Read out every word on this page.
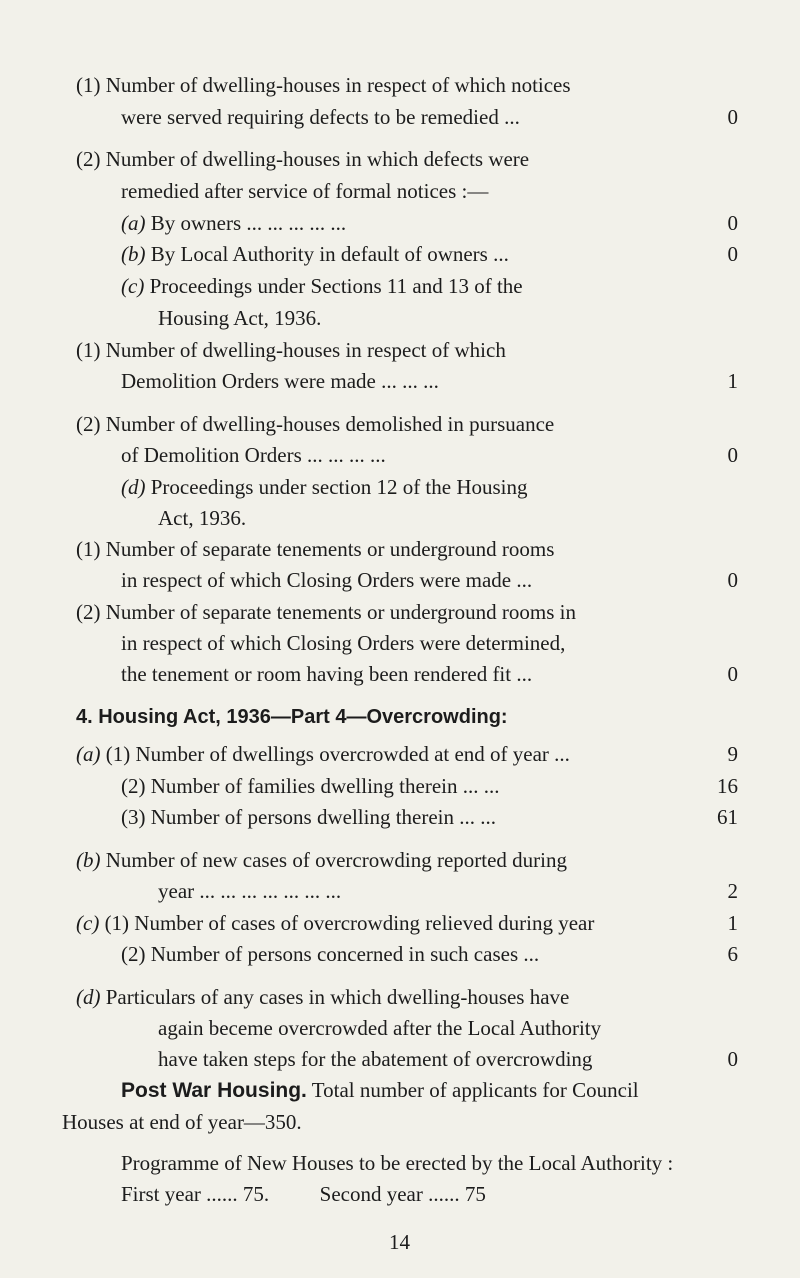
(1) Number of dwelling-houses in respect of which notices
were served requiring defects to be remedied ...	0
(2) Number of dwelling-houses in which defects were
remedied after service of formal notices :—
(a) By owners ... ... ... ... ...	0
(b) By Local Authority in default of owners ...	0
(c) Proceedings under Sections 11 and 13 of the
Housing Act, 1936.
(1) Number of dwelling-houses in respect of which
Demolition Orders were made ... ... ...	1
(2) Number of dwelling-houses demolished in pursuance
of Demolition Orders ... ... ... ...	0
(d) Proceedings under section 12 of the Housing
Act, 1936.
(1) Number of separate tenements or underground rooms
in respect of which Closing Orders were made ...	0
(2) Number of separate tenements or underground rooms in
in respect of which Closing Orders were determined,
the tenement or room having been rendered fit ...	0
4. Housing Act, 1936—Part 4—Overcrowding:
(a) (1) Number of dwellings overcrowded at end of year ...	9
(2) Number of families dwelling therein ... ...	16
(3) Number of persons dwelling therein ... ...	61
(b) Number of new cases of overcrowding reported during
year ... ... ... ... ... ... ...	2
(c) (1) Number of cases of overcrowding relieved during year	1
(2) Number of persons concerned in such cases ...	6
(d) Particulars of any cases in which dwelling-houses have
again beceme overcrowded after the Local Authority
have taken steps for the abatement of overcrowding	0
Post War Housing. Total number of applicants for Council
Houses at end of year—350.
Programme of New Houses to be erected by the Local Authority :
First year ...... 75. Second year ...... 75
14
